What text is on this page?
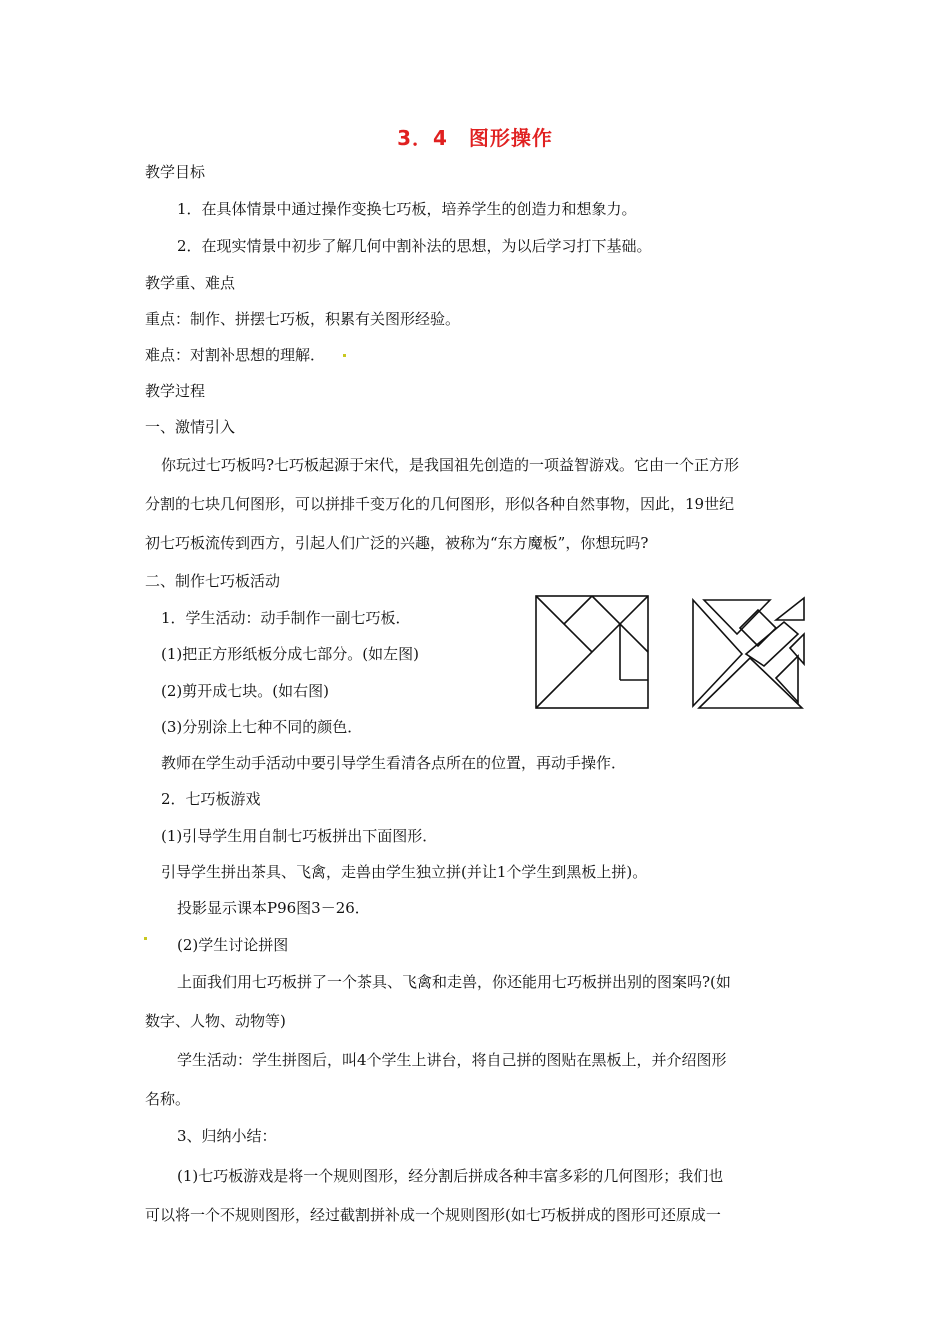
3．4　图形操作
教学目标
1．在具体情景中通过操作变换七巧板，培养学生的创造力和想象力。
2．在现实情景中初步了解几何中割补法的思想，为以后学习打下基础。
教学重、难点
重点：制作、拼摆七巧板，积累有关图形经验。
难点：对割补思想的理解．
教学过程
一、激情引入
你玩过七巧板吗?七巧板起源于宋代，是我国祖先创造的一项益智游戏。它由一个正方形
分割的七块几何图形，可以拼排千变万化的几何图形，形似各种自然事物，因此，19世纪
初七巧板流传到西方，引起人们广泛的兴趣，被称为“东方魔板”，你想玩吗?
二、制作七巧板活动
1．学生活动：动手制作一副七巧板．
(1)把正方形纸板分成七部分。(如左图)
(2)剪开成七块。(如右图)
(3)分别涂上七种不同的颜色．
教师在学生动手活动中要引导学生看清各点所在的位置，再动手操作．
2．七巧板游戏
(1)引导学生用自制七巧板拼出下面图形．
引导学生拼出茶具、飞禽，走兽由学生独立拼(并让1个学生到黑板上拼)。
投影显示课本P96图3－26．
(2)学生讨论拼图
上面我们用七巧板拼了一个茶具、飞禽和走兽，你还能用七巧板拼出别的图案吗?(如
数字、人物、动物等)
学生活动：学生拼图后，叫4个学生上讲台，将自己拼的图贴在黑板上，并介绍图形
名称。
3、归纳小结：
(1)七巧板游戏是将一个规则图形，经分割后拼成各种丰富多彩的几何图形；我们也
可以将一个不规则图形，经过截割拼补成一个规则图形(如七巧板拼成的图形可还原成一
